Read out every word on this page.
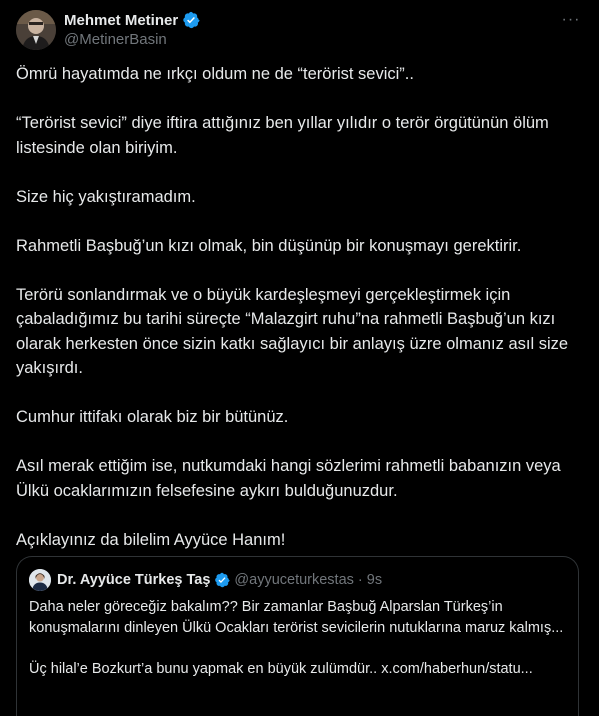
Mehmet Metiner
@MetinerBasin
···

Ömrü hayatımda ne ırkçı oldum ne de “terörist sevici”..

“Terörist sevici” diye iftira attığınız ben yıllar yılıdır o terör örgütünün ölüm listesinde olan biriyim.

Size hiç yakıştıramadım.

Rahmetli Başbuğ’un kızı olmak, bin düşünüp bir konuşmayı gerektirir.

Terörü sonlandırmak ve o büyük kardeşleşmeyi gerçekleştirmek için çabaladığımız bu tarihi süreçte “Malazgirt ruhu”na rahmetli Başbuğ’un kızı olarak herkesten önce sizin katkı sağlayıcı bir anlayış üzre olmanız asıl size yakışırdı.

Cumhur ittifakı olarak biz bir bütünüz.

Asıl merak ettiğim ise, nutkumdaki hangi sözlerimi rahmetli babanızın veya Ülkü ocaklarımızın felsefesine aykırı bulduğunuzdur.

Açıklayınız da bilelim Ayyüce Hanım!

Dr. Ayyüce Türkeş Taş @ayyuceturkestas · 9s

Daha neler göreceğiz bakalım?? Bir zamanlar Başbuğ Alparslan Türkeş’in konuşmalarını dinleyen Ülkü Ocakları terörist sevicilerin nutuklarına maruz kalmış...

Üç hilal’e Bozkurt’a bunu yapmak en büyük zulümdür.. x.com/haberhun/statu...
